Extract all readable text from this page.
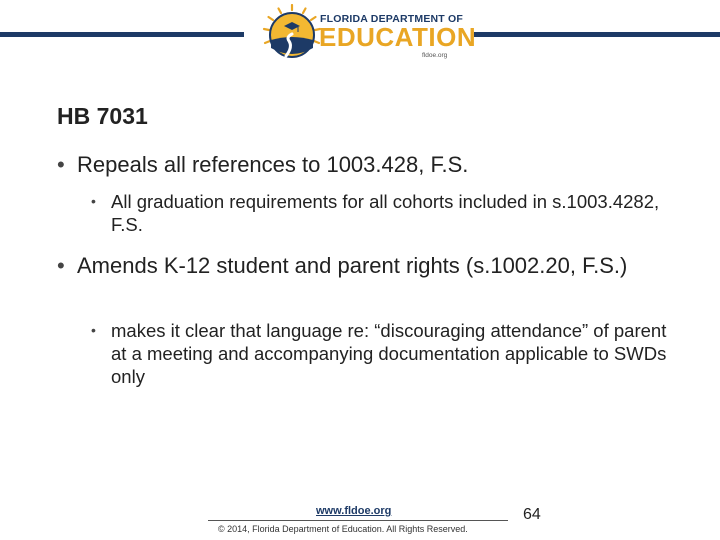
FLORIDA DEPARTMENT OF
EDUCATION
fldoe.org
HB 7031
• Repeals all references to 1003.428, F.S.
• All graduation requirements for all cohorts included in s.1003.4282, F.S.
• Amends K-12 student and parent rights (s.1002.20, F.S.)
• makes it clear that language re: “discouraging attendance” of parent at a meeting and accompanying documentation applicable to SWDs only
www.fldoe.org	64
© 2014, Florida Department of Education. All Rights Reserved.
